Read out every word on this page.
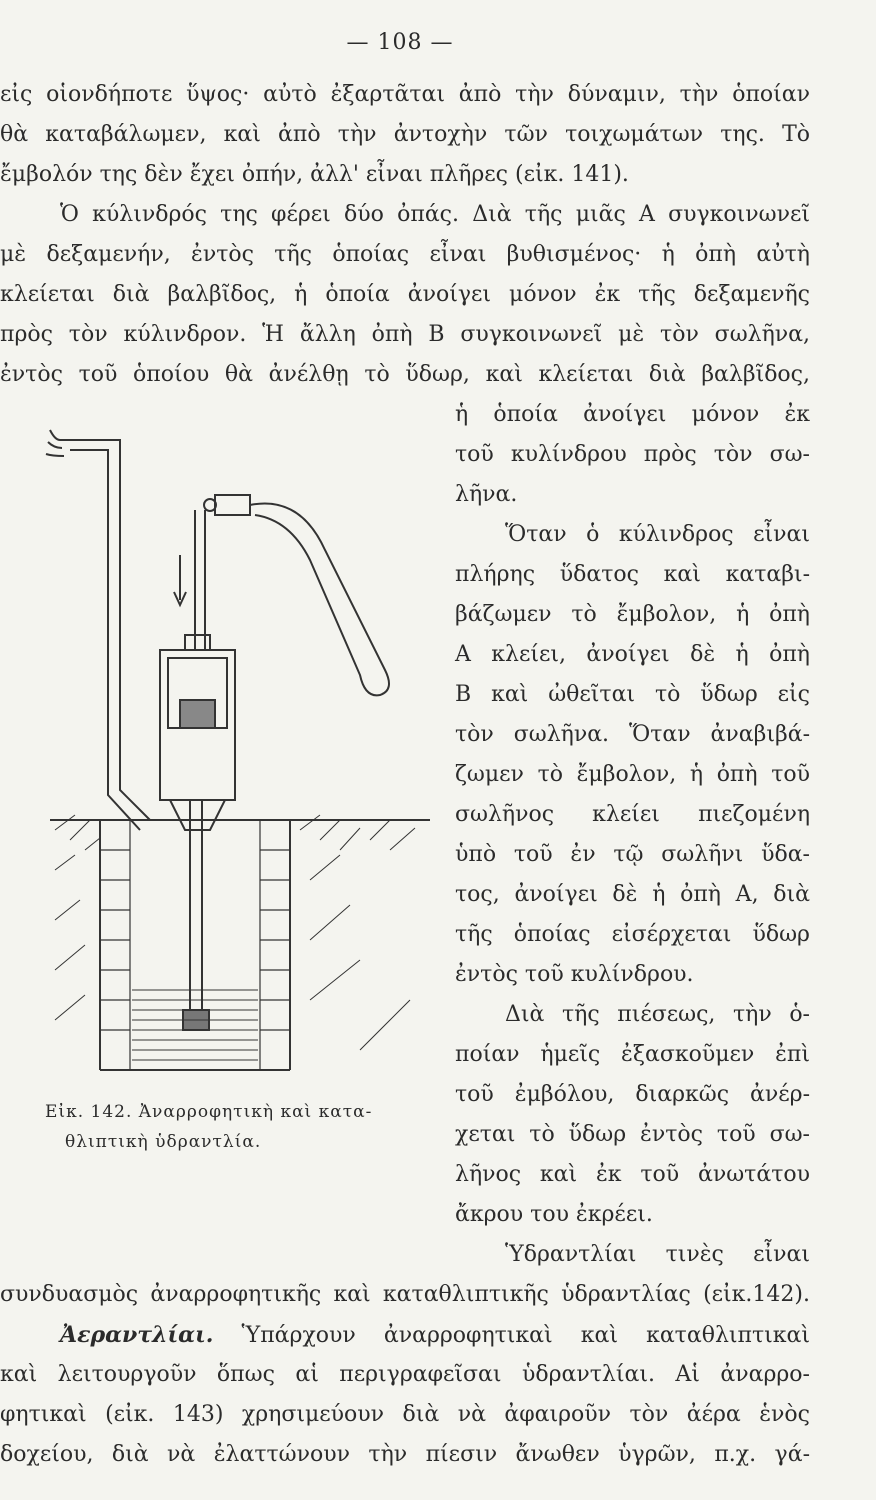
— 108 —
εἰς οἱονδήποτε ὕψος· αὐτὸ ἐξαρτᾶται ἀπὸ τὴν δύναμιν, τὴν ὁποίαν
θὰ καταβάλωμεν, καὶ ἀπὸ τὴν ἀντοχὴν τῶν τοιχωμάτων της. Τὸ
ἔμβολόν της δὲν ἔχει ὀπήν, ἀλλ' εἶναι πλῆρες (εἰκ. 141).
Ὁ κύλινδρός της φέρει δύο ὀπάς. Διὰ τῆς μιᾶς Α συγκοινωνεῖ
μὲ δεξαμενήν, ἐντὸς τῆς ὁποίας εἶναι βυθισμένος· ἡ ὀπὴ αὐτὴ
κλείεται διὰ βαλβῖδος, ἡ ὁποία ἀνοίγει μόνον ἐκ τῆς δεξαμενῆς
πρὸς τὸν κύλινδρον. Ἡ ἄλλη ὀπὴ Β συγκοινωνεῖ μὲ τὸν σωλῆνα,
ἐντὸς τοῦ ὁποίου θὰ ἀνέλθῃ τὸ ὕδωρ, καὶ κλείεται διὰ βαλβῖδος,
ἡ ὁποία ἀνοίγει μόνον ἐκ
τοῦ κυλίνδρου πρὸς τὸν σω-
λῆνα.
Ὅταν ὁ κύλινδρος εἶναι
πλήρης ὕδατος καὶ καταβι-
βάζωμεν τὸ ἔμβολον, ἡ ὀπὴ
Α κλείει, ἀνοίγει δὲ ἡ ὀπὴ
Β καὶ ὠθεῖται τὸ ὕδωρ εἰς
τὸν σωλῆνα. Ὅταν ἀναβιβά-
ζωμεν τὸ ἔμβολον, ἡ ὀπὴ τοῦ
σωλῆνος κλείει πιεζομένη
ὑπὸ τοῦ ἐν τῷ σωλῆνι ὕδα-
τος, ἀνοίγει δὲ ἡ ὀπὴ Α, διὰ
τῆς ὁποίας εἰσέρχεται ὕδωρ
ἐντὸς τοῦ κυλίνδρου.
Διὰ τῆς πιέσεως, τὴν ὁ-
ποίαν ἡμεῖς ἐξασκοῦμεν ἐπὶ
τοῦ ἐμβόλου, διαρκῶς ἀνέρ-
χεται τὸ ὕδωρ ἐντὸς τοῦ σω-
λῆνος καὶ ἐκ τοῦ ἀνωτάτου
ἄκρου του ἐκρέει.
Ὑδραντλίαι τινὲς εἶναι
Εἰκ. 142. Ἀναρροφητικὴ καὶ κατα-
θλιπτικὴ ὑδραντλία.
συνδυασμὸς ἀναρροφητικῆς καὶ καταθλιπτικῆς ὑδραντλίας (εἰκ.142).
Ἀεραντλίαι. Ὑπάρχουν ἀναρροφητικαὶ καὶ καταθλιπτικαὶ
καὶ λειτουργοῦν ὅπως αἱ περιγραφεῖσαι ὑδραντλίαι. Αἱ ἀναρρο-
φητικαὶ (εἰκ. 143) χρησιμεύουν διὰ νὰ ἀφαιροῦν τὸν ἀέρα ἑνὸς
δοχείου, διὰ νὰ ἐλαττώνουν τὴν πίεσιν ἄνωθεν ὑγρῶν, π.χ. γά-
